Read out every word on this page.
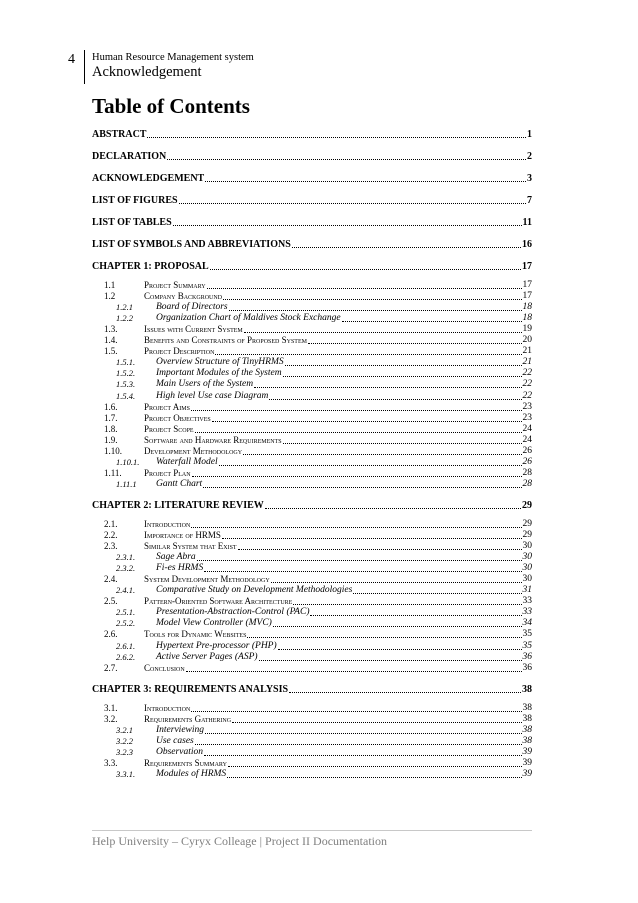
4 Human Resource Management system
Acknowledgement
Table of Contents
ABSTRACT	1
DECLARATION	2
ACKNOWLEDGEMENT	3
LIST OF FIGURES	7
LIST OF TABLES	11
LIST OF SYMBOLS AND ABBREVIATIONS	16
CHAPTER 1: PROPOSAL	17
1.1	Project Summary	17
1.2	Company Background	17
1.2.1	Board of Directors	18
1.2.2	Organization Chart of Maldives Stock Exchange	18
1.3.	Issues with Current System	19
1.4.	Benefits and Constraints of Proposed System	20
1.5.	Project Description	21
1.5.1.	Overview Structure of TinyHRMS	21
1.5.2.	Important Modules of the System	22
1.5.3.	Main Users of the System	22
1.5.4.	High level Use case Diagram	22
1.6.	Project Aims	23
1.7.	Project Objectives	23
1.8.	Project Scope	24
1.9.	Software and Hardware Requirements	24
1.10.	Development Methodology	26
1.10.1.	Waterfall Model	26
1.11.	Project Plan	28
1.11.1	Gantt Chart	28
CHAPTER 2: LITERATURE REVIEW	29
2.1.	Introduction	29
2.2.	Importance of HRMS	29
2.3.	Similar System that Exist	30
2.3.1.	Sage Abra	30
2.3.2.	Fi-es HRMS	30
2.4.	System Development Methodology	30
2.4.1.	Comparative Study on Development Methodologies	31
2.5.	Pattern-Oriented Software Architecture	33
2.5.1.	Presentation-Abstraction-Control (PAC)	33
2.5.2.	Model View Controller (MVC)	34
2.6.	Tools for Dynamic Websites	35
2.6.1.	Hypertext Pre-processor (PHP)	35
2.6.2.	Active Server Pages (ASP)	36
2.7.	Conclusion	36
CHAPTER 3: REQUIREMENTS ANALYSIS	38
3.1.	Introduction	38
3.2.	Requirements Gathering	38
3.2.1	Interviewing	38
3.2.2	Use cases	38
3.2.3	Observation	39
3.3.	Requirements Summary	39
3.3.1.	Modules of HRMS	39
Help University – Cyryx Colleage | Project II Documentation
